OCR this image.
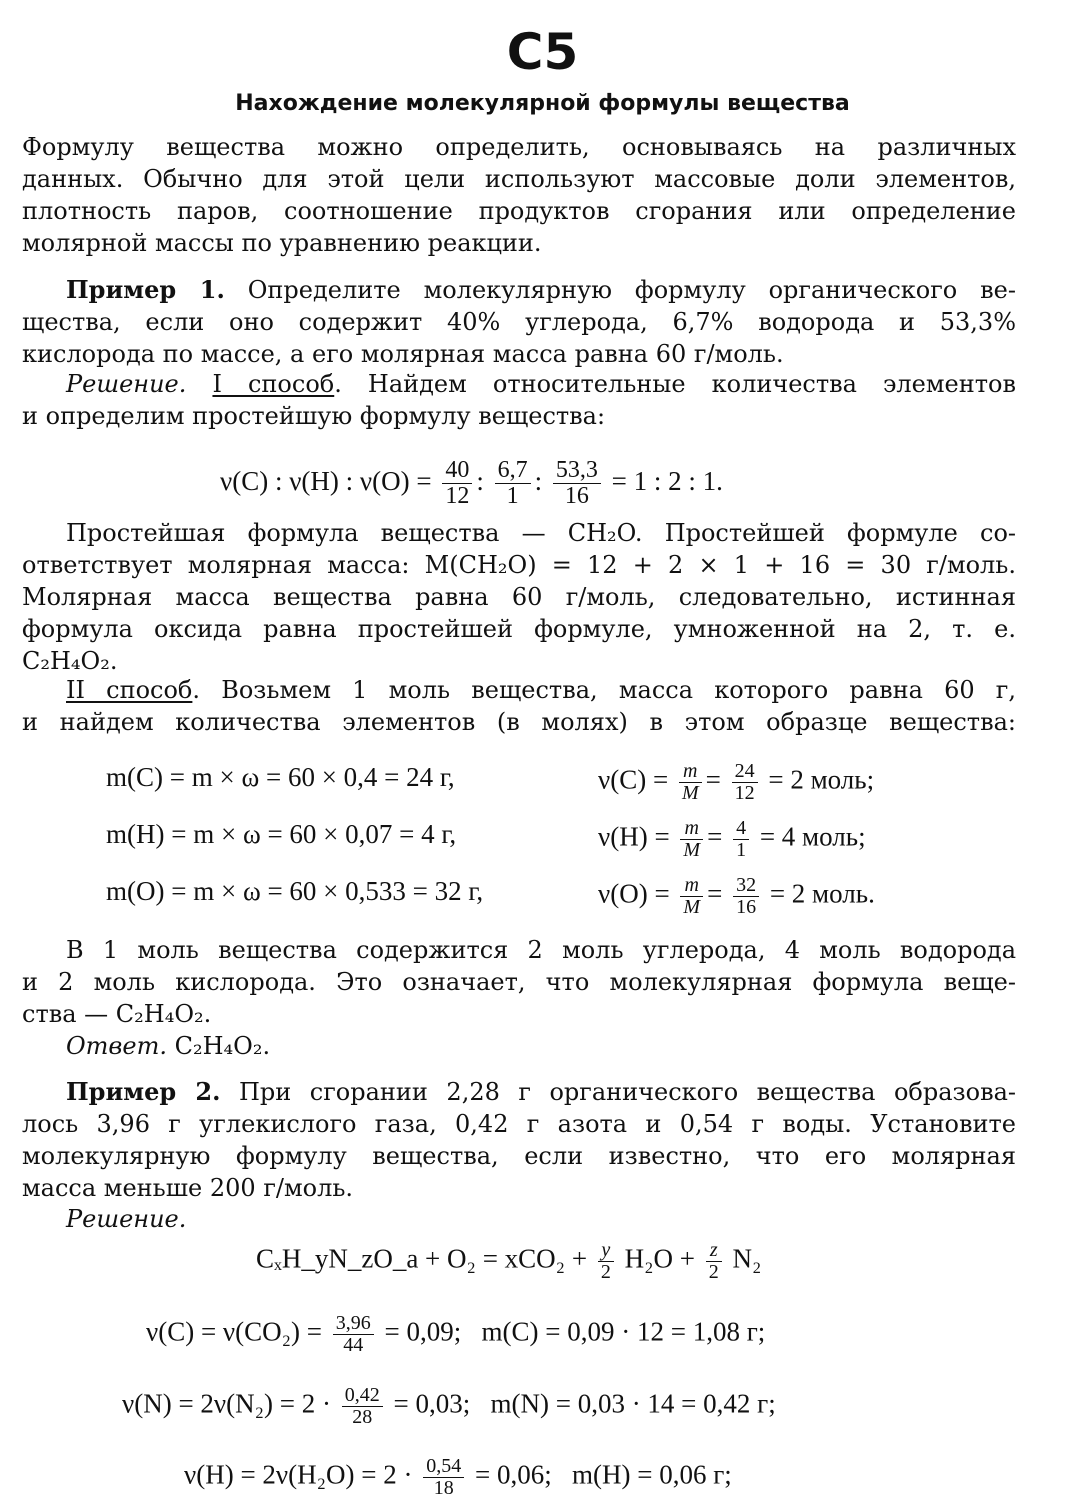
С5
Нахождение молекулярной формулы вещества
Формулу вещества можно определить, основываясь на различных
данных. Обычно для этой цели используют массовые доли элементов,
плотность паров, соотношение продуктов сгорания или определение
молярной массы по уравнению реакции.
Пример 1. Определите молекулярную формулу органического ве-
щества, если оно содержит 40% углерода, 6,7% водорода и 53,3%
кислорода по массе, а его молярная масса равна 60 г/моль.
Решение. I способ. Найдем относительные количества элементов
и определим простейшую формулу вещества:
ν(C) : ν(H) : $\nu(O) = \frac{40}{12}$ : $\frac{6,7}{1}$ : $\frac{53,3}{16} = 1$ : 2 : 1.
Простейшая формула вещества — CH₂O. Простейшей формуле со-
ответствует молярная масса: M(CH₂O) = 12 + 2 × 1 + 16 = 30 г/моль.
Молярная масса вещества равна 60 г/моль, следовательно, истинная
формула оксида равна простейшей формуле, умноженной на 2, т. е.
C₂H₄O₂.
II способ. Возьмем 1 моль вещества, масса которого равна 60 г,
и найдем количества элементов (в молях) в этом образце вещества:
m(C) = m × ω = 60 × 0,4 = 24 г,	$\nu(C) = \frac{m}{M} = \frac{24}{12} = 2$ моль;
m(H) = m × ω = 60 × 0,07 = 4 г,	$\nu(H) = \frac{m}{M} = \frac{4}{1} = 4$ моль;
m(O) = m × ω = 60 × 0,533 = 32 г,	$\nu(O) = \frac{m}{M} = \frac{32}{16} = 2$ моль.
В 1 моль вещества содержится 2 моль углерода, 4 моль водорода
и 2 моль кислорода. Это означает, что молекулярная формула веще-
ства — C₂H₄O₂.
Ответ. C₂H₄O₂.
Пример 2. При сгорании 2,28 г органического вещества образова-
лось 3,96 г углекислого газа, 0,42 г азота и 0,54 г воды. Установите
молекулярную формулу вещества, если известно, что его молярная
масса меньше 200 г/моль.
Решение.
CₓH_yN_zO_a + $O_2 = xCO_2 + \frac{y}{2} H_2O + \frac{z}{2} N_2$
$\nu(C) = \nu(CO_2) = \frac{3,96}{44} = 0,09$; m(C) = 0,09 · 12 = 1,08 г;
$\nu(N) = 2\nu(N_2) = 2 \cdot \frac{0,42}{28} = 0,03$; m(N) = 0,03 · 14 = 0,42 г;
$\nu(H) = 2\nu(H_2O) = 2 \cdot \frac{0,54}{18} = 0,06$; m(H) = 0,06 г;
